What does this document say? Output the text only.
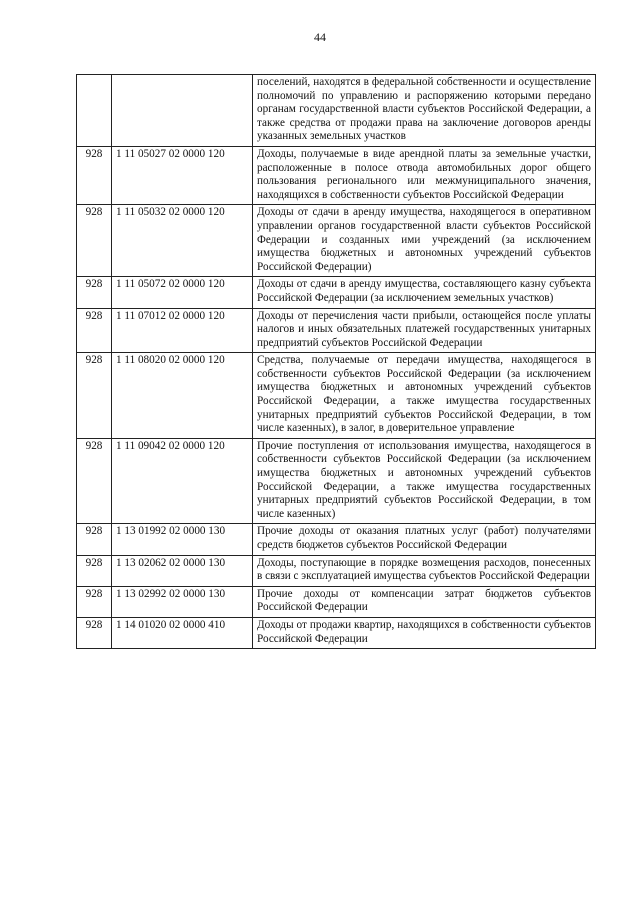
44
		поселений, находятся в федеральной собственности и осуществление полномочий по управлению и распоряжению которыми передано органам государственной власти субъектов Российской Федерации, а также средства от продажи права на заключение договоров аренды указанных земельных участков
928	1 11 05027 02 0000 120	Доходы, получаемые в виде арендной платы за земельные участки, расположенные в полосе отвода автомобильных дорог общего пользования регионального или межмуниципального значения, находящихся в собственности субъектов Российской Федерации
928	1 11 05032 02 0000 120	Доходы от сдачи в аренду имущества, находящегося в оперативном управлении органов государственной власти субъектов Российской Федерации и созданных ими учреждений (за исключением имущества бюджетных и автономных учреждений субъектов Российской Федерации)
928	1 11 05072 02 0000 120	Доходы от сдачи в аренду имущества, составляющего казну субъекта Российской Федерации (за исключением земельных участков)
928	1 11 07012 02 0000 120	Доходы от перечисления части прибыли, остающейся после уплаты налогов и иных обязательных платежей государственных унитарных предприятий субъектов Российской Федерации
928	1 11 08020 02 0000 120	Средства, получаемые от передачи имущества, находящегося в собственности субъектов Российской Федерации (за исключением имущества бюджетных и автономных учреждений субъектов Российской Федерации, а также имущества государственных унитарных предприятий субъектов Российской Федерации, в том числе казенных), в залог, в доверительное управление
928	1 11 09042 02 0000 120	Прочие поступления от использования имущества, находящегося в собственности субъектов Российской Федерации (за исключением имущества бюджетных и автономных учреждений субъектов Российской Федерации, а также имущества государственных унитарных предприятий субъектов Российской Федерации, в том числе казенных)
928	1 13 01992 02 0000 130	Прочие доходы от оказания платных услуг (работ) получателями средств бюджетов субъектов Российской Федерации
928	1 13 02062 02 0000 130	Доходы, поступающие в порядке возмещения расходов, понесенных в связи с эксплуатацией имущества субъектов Российской Федерации
928	1 13 02992 02 0000 130	Прочие доходы от компенсации затрат бюджетов субъектов Российской Федерации
928	1 14 01020 02 0000 410	Доходы от продажи квартир, находящихся в собственности субъектов Российской Федерации
